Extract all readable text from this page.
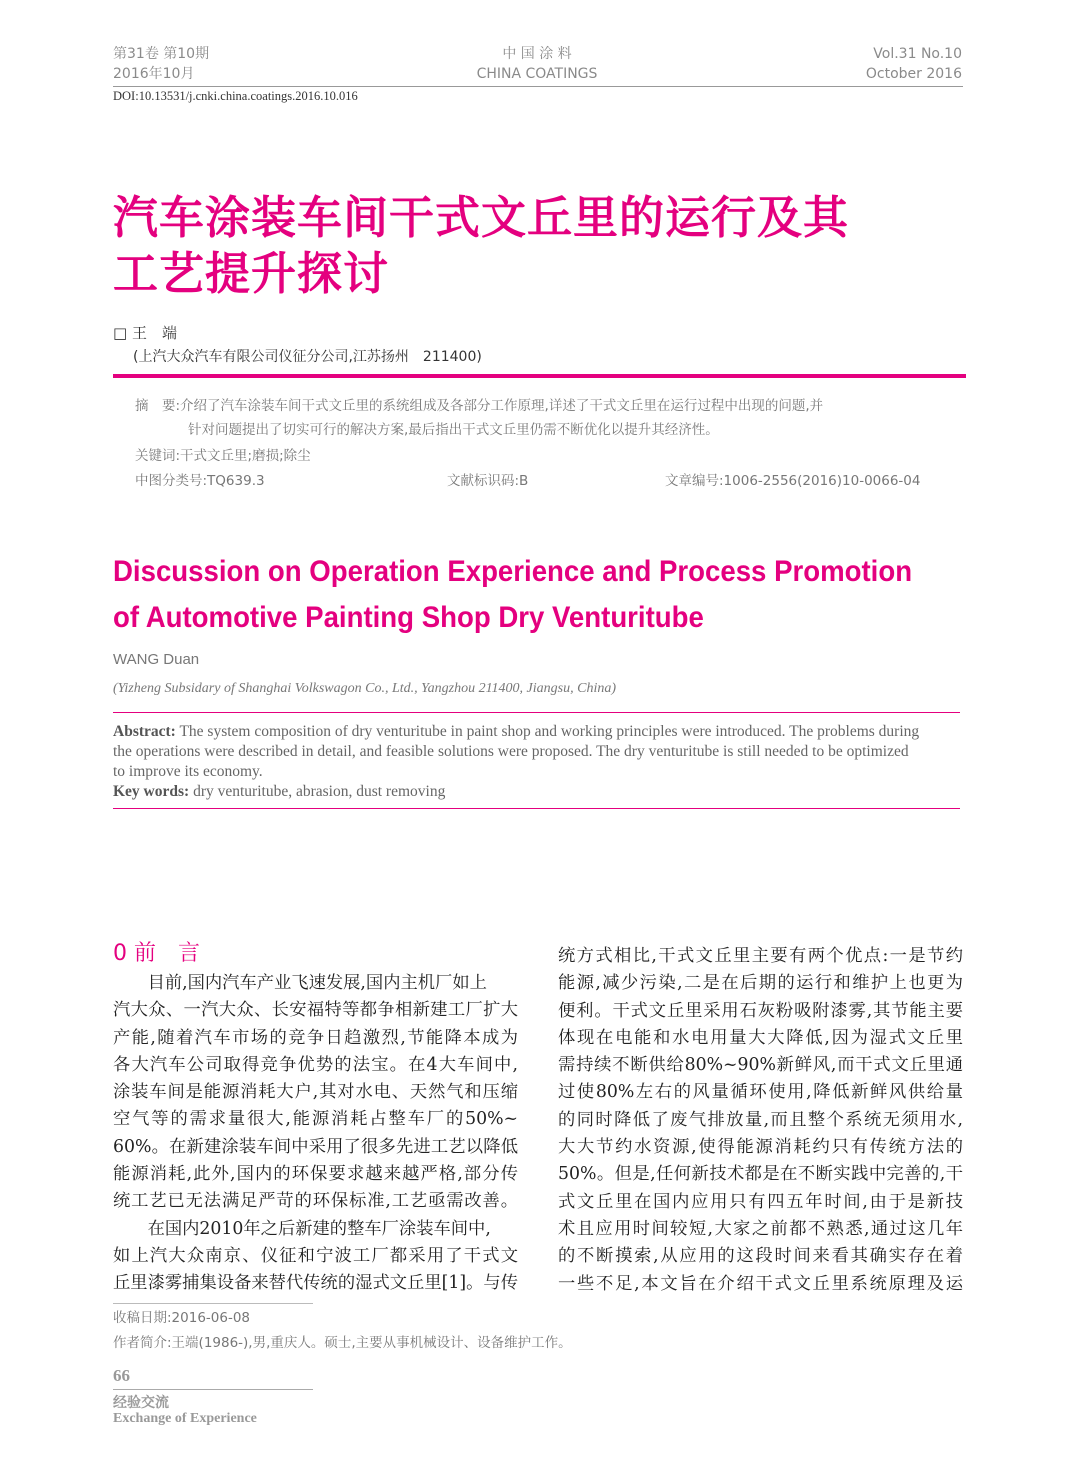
第31卷 第10期
2016年10月
中 国 涂 料
CHINA COATINGS
Vol.31 No.10
October 2016
DOI:10.13531/j.cnki.china.coatings.2016.10.016
汽车涂装车间干式文丘里的运行及其
工艺提升探讨
□ 王　端
(上汽大众汽车有限公司仪征分公司,江苏扬州　211400)
摘　要:介绍了汽车涂装车间干式文丘里的系统组成及各部分工作原理,详述了干式文丘里在运行过程中出现的问题,并
针对问题提出了切实可行的解决方案,最后指出干式文丘里仍需不断优化以提升其经济性。
关键词:干式文丘里;磨损;除尘
中图分类号:TQ639.3	文献标识码:B	文章编号:1006-2556(2016)10-0066-04
Discussion on Operation Experience and Process Promotion
of Automotive Painting Shop Dry Venturitube
WANG Duan
(Yizheng Subsidary of Shanghai Volkswagon Co., Ltd., Yangzhou 211400, Jiangsu, China)
Abstract: The system composition of dry venturitube in paint shop and working principles were introduced. The problems during
the operations were described in detail, and feasible solutions were proposed. The dry venturitube is still needed to be optimized
to improve its economy.
Key words: dry venturitube, abrasion, dust removing
0 前　言
　　目前,国内汽车产业飞速发展,国内主机厂如上
汽大众、一汽大众、长安福特等都争相新建工厂扩大
产能,随着汽车市场的竞争日趋激烈,节能降本成为
各大汽车公司取得竞争优势的法宝。在4大车间中,
涂装车间是能源消耗大户,其对水电、天然气和压缩
空气等的需求量很大,能源消耗占整车厂的50%~
60%。在新建涂装车间中采用了很多先进工艺以降低
能源消耗,此外,国内的环保要求越来越严格,部分传
统工艺已无法满足严苛的环保标准,工艺亟需改善。
　　在国内2010年之后新建的整车厂涂装车间中,
如上汽大众南京、仪征和宁波工厂都采用了干式文
丘里漆雾捕集设备来替代传统的湿式文丘里[1]。与传
统方式相比,干式文丘里主要有两个优点:一是节约
能源,减少污染,二是在后期的运行和维护上也更为
便利。干式文丘里采用石灰粉吸附漆雾,其节能主要
体现在电能和水电用量大大降低,因为湿式文丘里
需持续不断供给80%~90%新鲜风,而干式文丘里通
过使80%左右的风量循环使用,降低新鲜风供给量
的同时降低了废气排放量,而且整个系统无须用水,
大大节约水资源,使得能源消耗约只有传统方法的
50%。但是,任何新技术都是在不断实践中完善的,干
式文丘里在国内应用只有四五年时间,由于是新技
术且应用时间较短,大家之前都不熟悉,通过这几年
的不断摸索,从应用的这段时间来看其确实存在着
一些不足,本文旨在介绍干式文丘里系统原理及运
收稿日期:2016-06-08
作者简介:王端(1986-),男,重庆人。硕士,主要从事机械设计、设备维护工作。
66
经验交流
Exchange of Experience
